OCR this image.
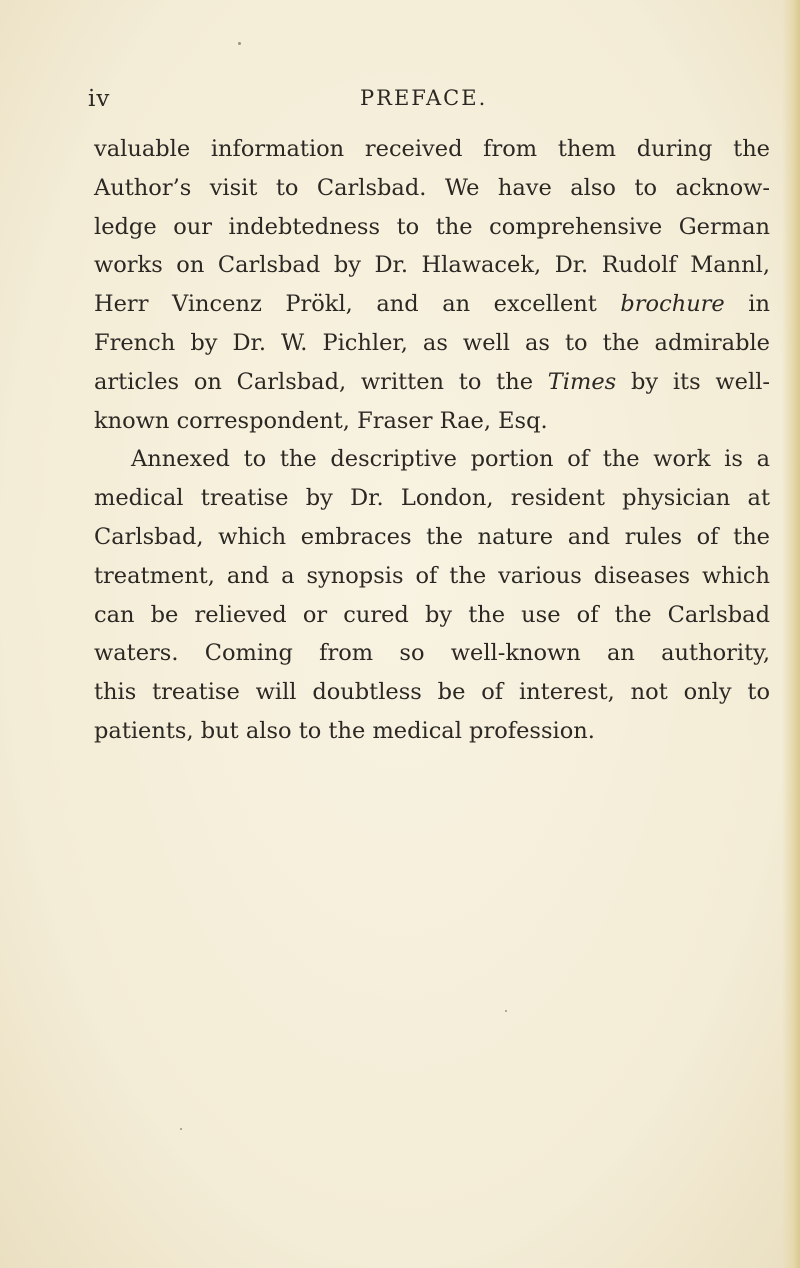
iv	PREFACE.
valuable information received from them during the
Author’s visit to Carlsbad. We have also to acknow-
ledge our indebtedness to the comprehensive German
works on Carlsbad by Dr. Hlawacek, Dr. Rudolf Mannl,
Herr Vincenz Prökl, and an excellent brochure in
French by Dr. W. Pichler, as well as to the admirable
articles on Carlsbad, written to the Times by its well-
known correspondent, Fraser Rae, Esq.
Annexed to the descriptive portion of the work is a
medical treatise by Dr. London, resident physician at
Carlsbad, which embraces the nature and rules of the
treatment, and a synopsis of the various diseases which
can be relieved or cured by the use of the Carlsbad
waters. Coming from so well-known an authority,
this treatise will doubtless be of interest, not only to
patients, but also to the medical profession.
